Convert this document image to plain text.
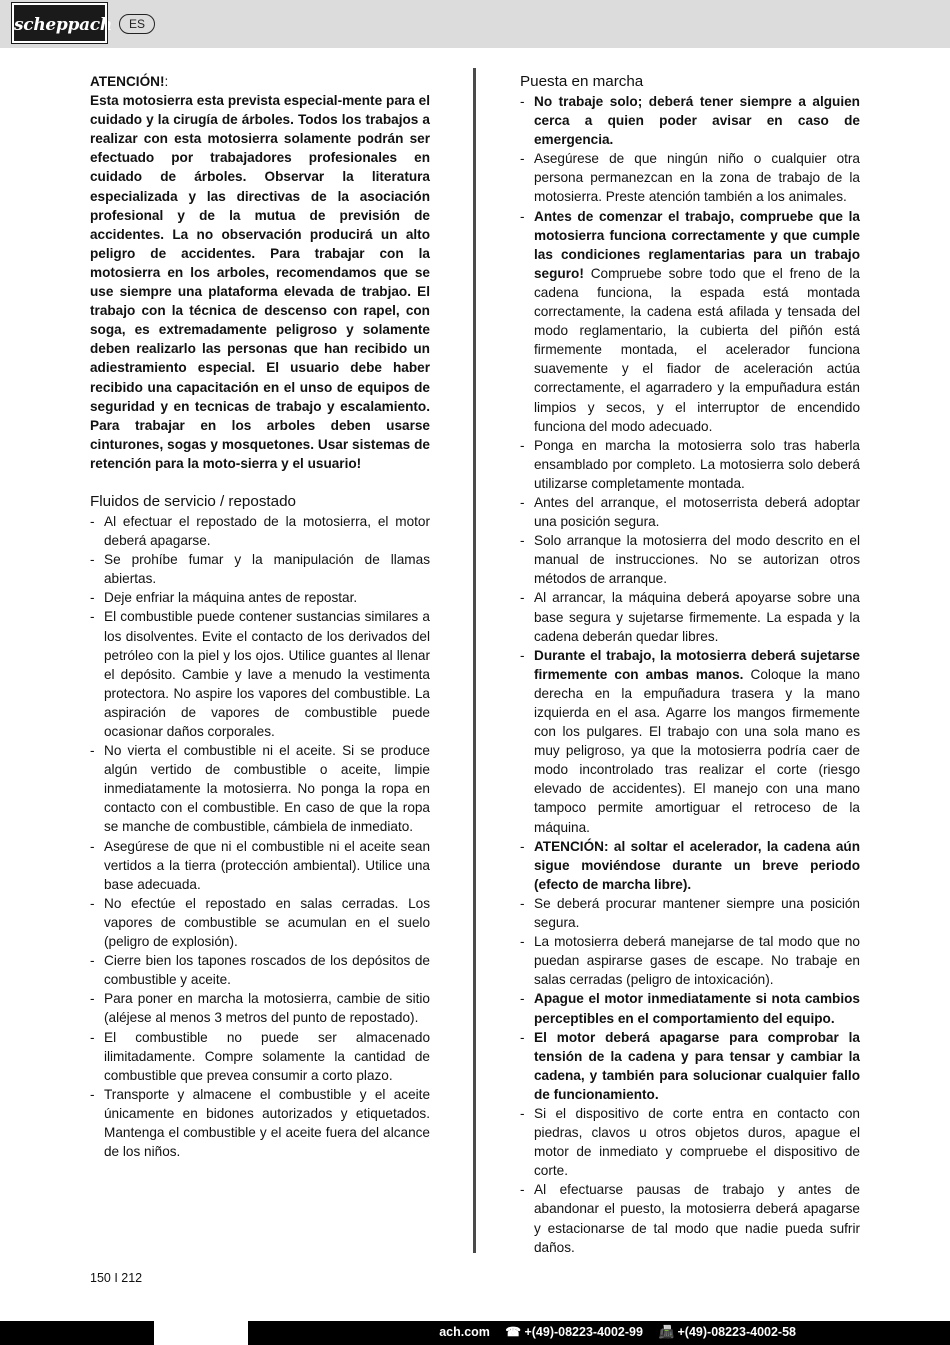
scheppach	ES

ATENCIÓN!:

Esta motosierra esta prevista especial-mente para el cuidado y la cirugía de árboles. Todos los trabajos a realizar con esta motosierra solamente podrán ser efectuado por trabajadores profesionales en cuidado de árboles. Observar la literatura especializada y las directivas de la asociación profesional y de la mutua de previsión de accidentes. La no observación producirá un alto peligro de accidentes. Para trabajar con la motosierra en los arboles, recomendamos que se use siempre una plataforma elevada de trabjao. El trabajo con la técnica de descenso con rapel, con soga, es extremadamente peligroso y solamente deben realizarlo las personas que han recibido un adiestramiento especial. El usuario debe haber recibido una capacitación en el unso de equipos de seguridad y en tecnicas de trabajo y escalamiento. Para trabajar en los arboles deben usarse cinturones, sogas y mosquetones. Usar sistemas de retención para la moto-sierra y el usuario!

Fluidos de servicio / repostado
- Al efectuar el repostado de la motosierra, el motor deberá apagarse.
- Se prohíbe fumar y la manipulación de llamas abiertas.
- Deje enfriar la máquina antes de repostar.
- El combustible puede contener sustancias similares a los disolventes. Evite el contacto de los derivados del petróleo con la piel y los ojos. Utilice guantes al llenar el depósito. Cambie y lave a menudo la vestimenta protectora. No aspire los vapores del combustible. La aspiración de vapores de combustible puede ocasionar daños corporales.
- No vierta el combustible ni el aceite. Si se produce algún vertido de combustible o aceite, limpie inmediatamente la motosierra. No ponga la ropa en contacto con el combustible. En caso de que la ropa se manche de combustible, cámbiela de inmediato.
- Asegúrese de que ni el combustible ni el aceite sean vertidos a la tierra (protección ambiental). Utilice una base adecuada.
- No efectúe el repostado en salas cerradas. Los vapores de combustible se acumulan en el suelo (peligro de explosión).
- Cierre bien los tapones roscados de los depósitos de combustible y aceite.
- Para poner en marcha la motosierra, cambie de sitio (aléjese al menos 3 metros del punto de repostado).
- El combustible no puede ser almacenado ilimitadamente. Compre solamente la cantidad de combustible que prevea consumir a corto plazo.
- Transporte y almacene el combustible y el aceite únicamente en bidones autorizados y etiquetados. Mantenga el combustible y el aceite fuera del alcance de los niños.
Puesta en marcha
- No trabaje solo; deberá tener siempre a alguien cerca a quien poder avisar en caso de emergencia.
- Asegúrese de que ningún niño o cualquier otra persona permanezcan en la zona de trabajo de la motosierra. Preste atención también a los animales.
- Antes de comenzar el trabajo, compruebe que la motosierra funciona correctamente y que cumple las condiciones reglamentarias para un trabajo seguro! Compruebe sobre todo que el freno de la cadena funciona, la espada está montada correctamente, la cadena está afilada y tensada del modo reglamentario, la cubierta del piñón está firmemente montada, el acelerador funciona suavemente y el fiador de aceleración actúa correctamente, el agarradero y la empuñadura están limpios y secos, y el interruptor de encendido funciona del modo adecuado.
- Ponga en marcha la motosierra solo tras haberla ensamblado por completo. La motosierra solo deberá utilizarse completamente montada.
- Antes del arranque, el motoserrista deberá adoptar una posición segura.
- Solo arranque la motosierra del modo descrito en el manual de instrucciones. No se autorizan otros métodos de arranque.
- Al arrancar, la máquina deberá apoyarse sobre una base segura y sujetarse firmemente. La espada y la cadena deberán quedar libres.
- Durante el trabajo, la motosierra deberá sujetarse firmemente con ambas manos. Coloque la mano derecha en la empuñadura trasera y la mano izquierda en el asa. Agarre los mangos firmemente con los pulgares. El trabajo con una sola mano es muy peligroso, ya que la motosierra podría caer de modo incontrolado tras realizar el corte (riesgo elevado de accidentes). El manejo con una mano tampoco permite amortiguar el retroceso de la máquina.
- ATENCIÓN: al soltar el acelerador, la cadena aún sigue moviéndose durante un breve periodo (efecto de marcha libre).
- Se deberá procurar mantener siempre una posición segura.
- La motosierra deberá manejarse de tal modo que no puedan aspirarse gases de escape. No trabaje en salas cerradas (peligro de intoxicación).
- Apague el motor inmediatamente si nota cambios perceptibles en el comportamiento del equipo.
- El motor deberá apagarse para comprobar la tensión de la cadena y para tensar y cambiar la cadena, y también para solucionar cualquier fallo de funcionamiento.
- Si el dispositivo de corte entra en contacto con piedras, clavos u otros objetos duros, apague el motor de inmediato y compruebe el dispositivo de corte.
- Al efectuarse pausas de trabajo y antes de abandonar el puesto, la motosierra deberá apagarse y estacionarse de tal modo que nadie pueda sufrir daños.
150 I 212
ach.com ☎ +(49)-08223-4002-99 📠 +(49)-08223-4002-58
